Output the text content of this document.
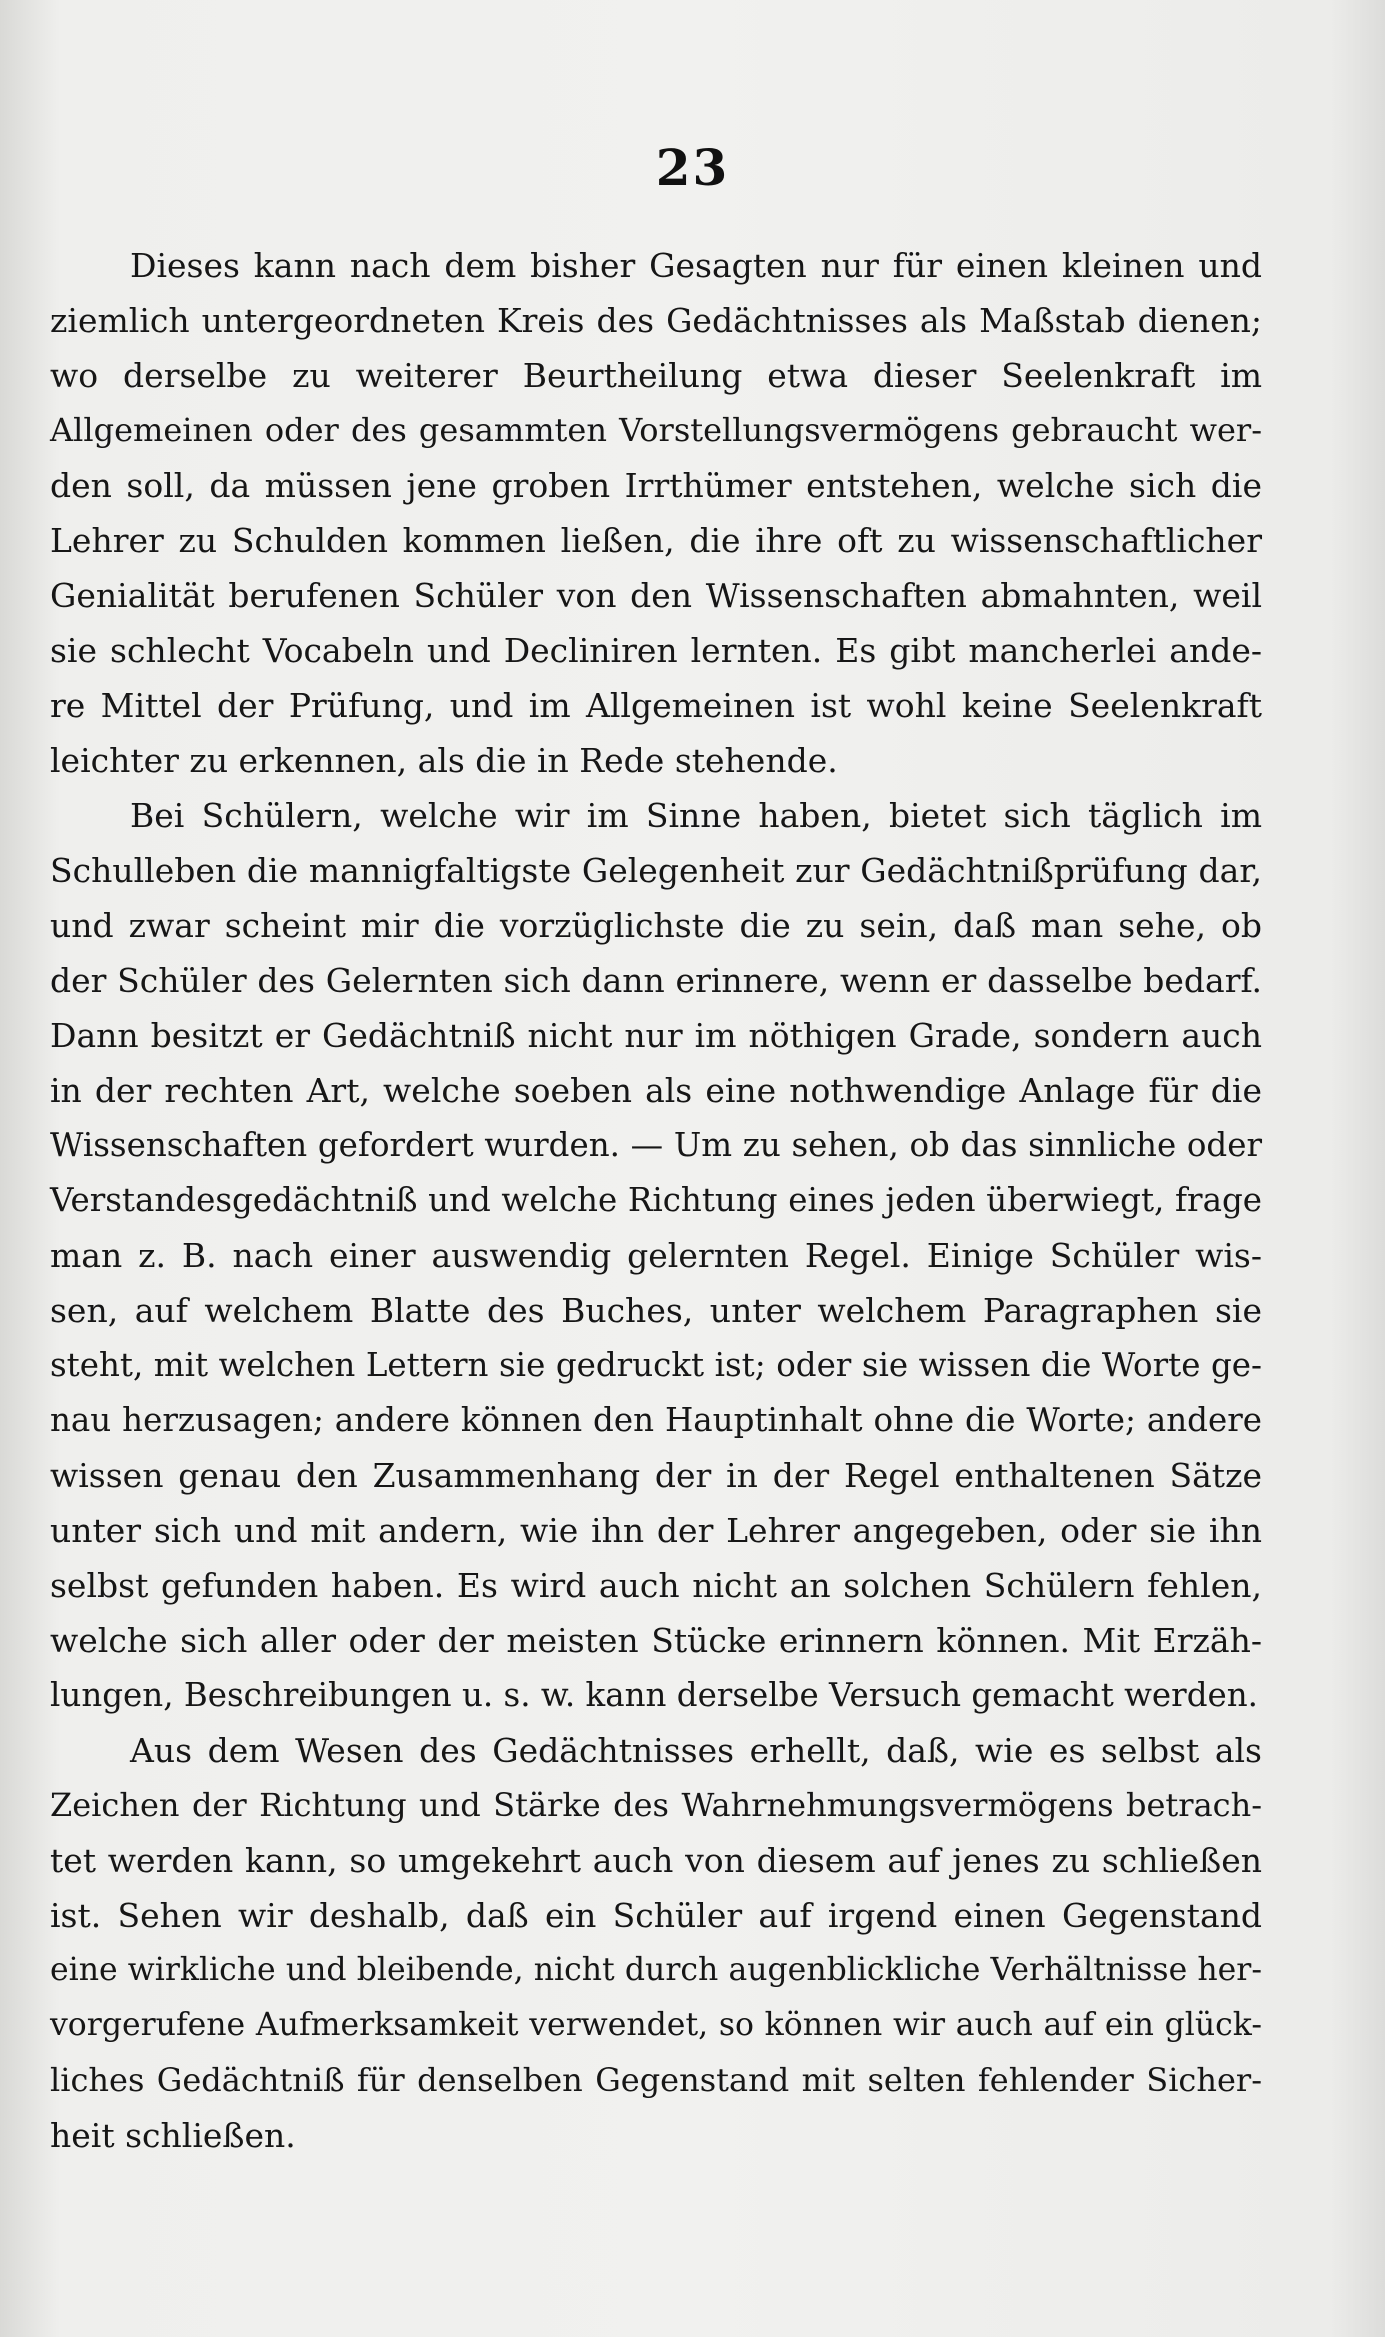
23
Dieses kann nach dem bisher Gesagten nur für einen kleinen und
ziemlich untergeordneten Kreis des Gedächtnisses als Maßstab dienen;
wo derselbe zu weiterer Beurtheilung etwa dieser Seelenkraft im
Allgemeinen oder des gesammten Vorstellungsvermögens gebraucht wer-
den soll, da müssen jene groben Irrthümer entstehen, welche sich die
Lehrer zu Schulden kommen ließen, die ihre oft zu wissenschaftlicher
Genialität berufenen Schüler von den Wissenschaften abmahnten, weil
sie schlecht Vocabeln und Decliniren lernten. Es gibt mancherlei ande-
re Mittel der Prüfung, und im Allgemeinen ist wohl keine Seelenkraft
leichter zu erkennen, als die in Rede stehende.
Bei Schülern, welche wir im Sinne haben, bietet sich täglich im
Schulleben die mannigfaltigste Gelegenheit zur Gedächtnißprüfung dar,
und zwar scheint mir die vorzüglichste die zu sein, daß man sehe, ob
der Schüler des Gelernten sich dann erinnere, wenn er dasselbe bedarf.
Dann besitzt er Gedächtniß nicht nur im nöthigen Grade, sondern auch
in der rechten Art, welche soeben als eine nothwendige Anlage für die
Wissenschaften gefordert wurden. — Um zu sehen, ob das sinnliche oder
Verstandesgedächtniß und welche Richtung eines jeden überwiegt, frage
man z. B. nach einer auswendig gelernten Regel. Einige Schüler wis-
sen, auf welchem Blatte des Buches, unter welchem Paragraphen sie
steht, mit welchen Lettern sie gedruckt ist; oder sie wissen die Worte ge-
nau herzusagen; andere können den Hauptinhalt ohne die Worte; andere
wissen genau den Zusammenhang der in der Regel enthaltenen Sätze
unter sich und mit andern, wie ihn der Lehrer angegeben, oder sie ihn
selbst gefunden haben. Es wird auch nicht an solchen Schülern fehlen,
welche sich aller oder der meisten Stücke erinnern können. Mit Erzäh-
lungen, Beschreibungen u. s. w. kann derselbe Versuch gemacht werden.
Aus dem Wesen des Gedächtnisses erhellt, daß, wie es selbst als
Zeichen der Richtung und Stärke des Wahrnehmungsvermögens betrach-
tet werden kann, so umgekehrt auch von diesem auf jenes zu schließen
ist. Sehen wir deshalb, daß ein Schüler auf irgend einen Gegenstand
eine wirkliche und bleibende, nicht durch augenblickliche Verhältnisse her-
vorgerufene Aufmerksamkeit verwendet, so können wir auch auf ein glück-
liches Gedächtniß für denselben Gegenstand mit selten fehlender Sicher-
heit schließen.
